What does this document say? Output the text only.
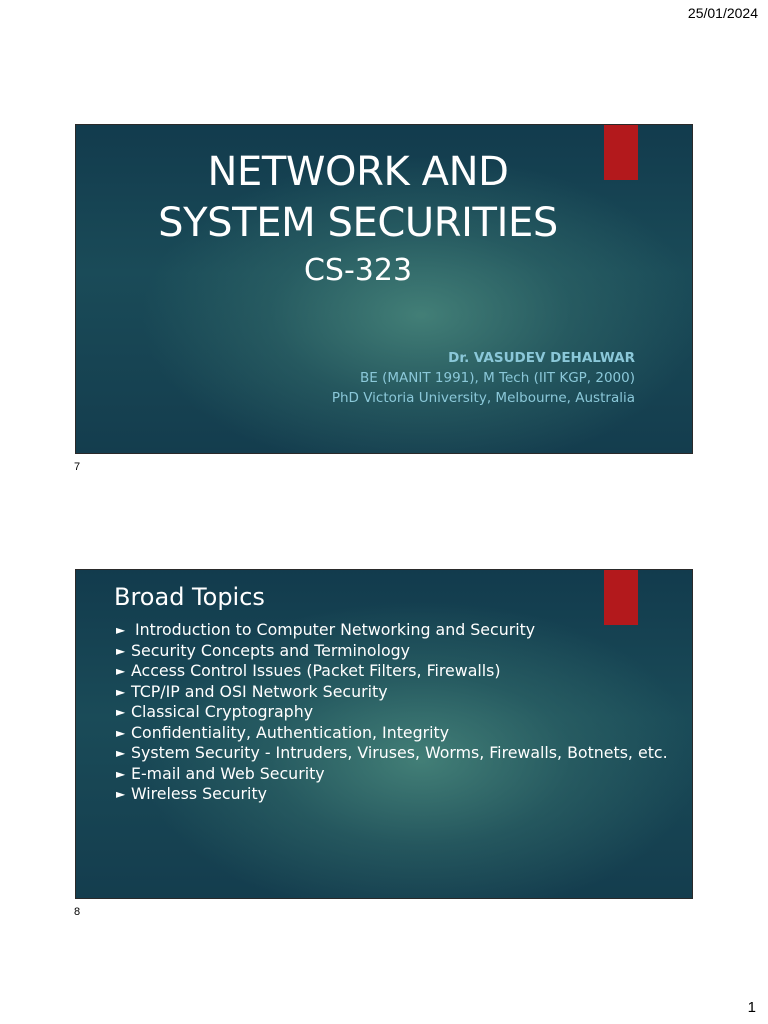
25/01/2024
NETWORK AND
SYSTEM SECURITIES
CS-323
Dr. VASUDEV DEHALWAR
BE (MANIT 1991), M Tech (IIT KGP, 2000)
PhD Victoria University, Melbourne, Australia
7
Broad Topics
► Introduction to Computer Networking and Security
► Security Concepts and Terminology
► Access Control Issues (Packet Filters, Firewalls)
► TCP/IP and OSI Network Security
► Classical Cryptography
► Confidentiality, Authentication, Integrity
► System Security - Intruders, Viruses, Worms, Firewalls, Botnets, etc.
► E-mail and Web Security
► Wireless Security
8
1
